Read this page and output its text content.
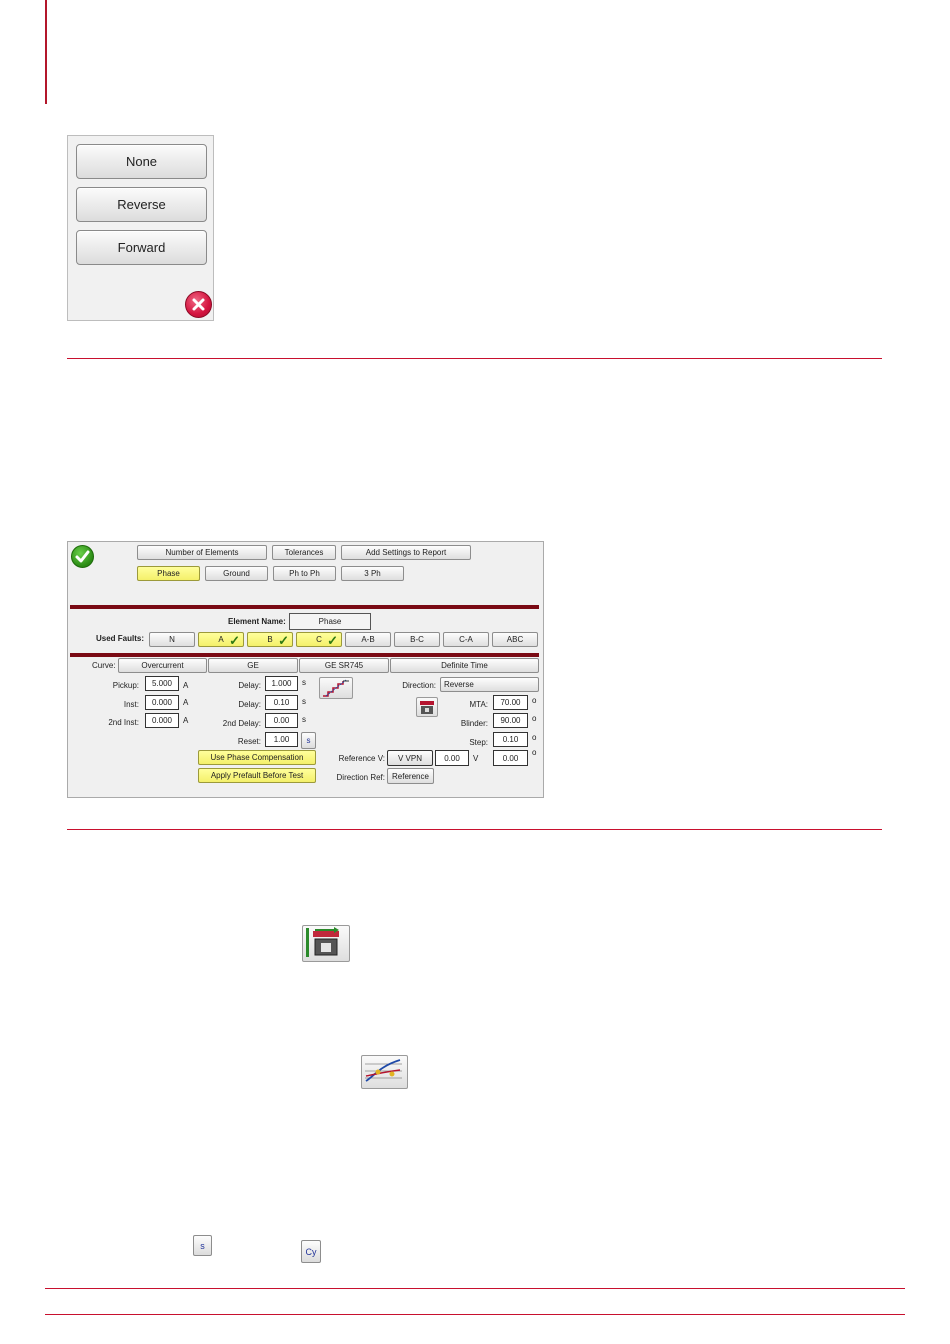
None
Reverse
Forward
Number of Elements	Tolerances	Add Settings to Report
Phase	Ground	Ph to Ph	3 Ph
Element Name:	Phase
Used Faults:	N	A ✓	B ✓	C ✓	A-B	B-C	C-A	ABC
Curve:	Overcurrent	GE	GE SR745	Definite Time
Pickup:	5.000	A
Inst:	0.000	A
2nd Inst:	0.000	A
Delay:	1.000	s
Delay:	0.10	s
2nd Delay:	0.00	s
Reset:	1.00	s
Use Phase Compensation
Apply Prefault Before Test
Direction:	Reverse
MTA:	70.00	o
Blinder:	90.00	o
Step:	0.10	o
Reference V:	V VPN	0.00	V	0.00
o
Direction Ref: Reference
s
Cy
